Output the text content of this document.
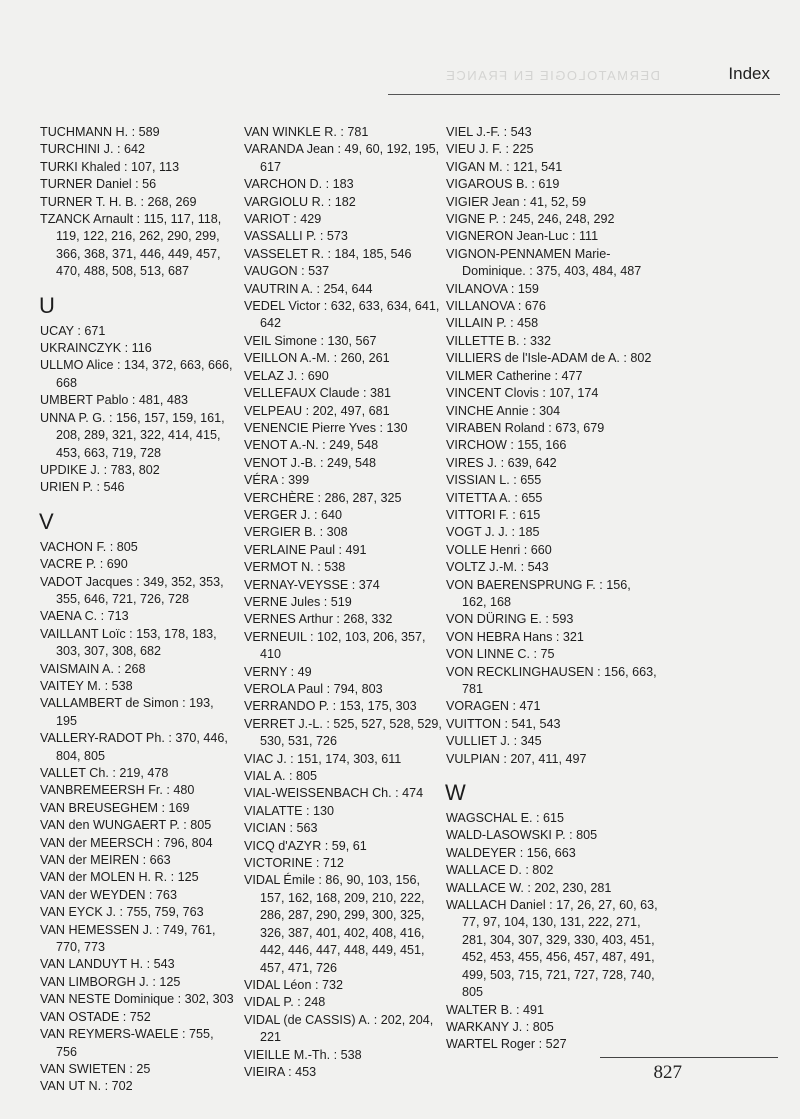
DERMATOLOGIE EN FRANCE	Index
TUCHMANN H. : 589
TURCHINI J. : 642
TURKI Khaled : 107, 113
TURNER Daniel : 56
TURNER T. H. B. : 268, 269
TZANCK Arnault : 115, 117, 118, 119, 122, 216, 262, 290, 299, 366, 368, 371, 446, 449, 457, 470, 488, 508, 513, 687
U
UCAY : 671
UKRAINCZYK : 116
ULLMO Alice : 134, 372, 663, 666, 668
UMBERT Pablo : 481, 483
UNNA P. G. : 156, 157, 159, 161, 208, 289, 321, 322, 414, 415, 453, 663, 719, 728
UPDIKE J. : 783, 802
URIEN P. : 546
V
VACHON F. : 805
VACRE P. : 690
VADOT Jacques : 349, 352, 353, 355, 646, 721, 726, 728
VAENA C. : 713
VAILLANT Loïc : 153, 178, 183, 303, 307, 308, 682
VAISMAIN A. : 268
VAITEY M. : 538
VALLAMBERT de Simon : 193, 195
VALLERY-RADOT Ph. : 370, 446, 804, 805
VALLET Ch. : 219, 478
VANBREMEERSH Fr. : 480
VAN BREUSEGHEM : 169
VAN den WUNGAERT P. : 805
VAN der MEERSCH : 796, 804
VAN der MEIREN : 663
VAN der MOLEN H. R. : 125
VAN der WEYDEN : 763
VAN EYCK J. : 755, 759, 763
VAN HEMESSEN J. : 749, 761, 770, 773
VAN LANDUYT H. : 543
VAN LIMBORGH J. : 125
VAN NESTE Dominique : 302, 303
VAN OSTADE : 752
VAN REYMERS-WAELE : 755, 756
VAN SWIETEN : 25
VAN UT N. : 702
VAN WINKLE R. : 781
VARANDA Jean : 49, 60, 192, 195, 617
VARCHON D. : 183
VARGIOLU R. : 182
VARIOT : 429
VASSALLI P. : 573
VASSELET R. : 184, 185, 546
VAUGON : 537
VAUTRIN A. : 254, 644
VEDEL Victor : 632, 633, 634, 641, 642
VEIL Simone : 130, 567
VEILLON A.-M. : 260, 261
VELAZ J. : 690
VELLEFAUX Claude : 381
VELPEAU : 202, 497, 681
VENENCIE Pierre Yves : 130
VENOT A.-N. : 249, 548
VENOT J.-B. : 249, 548
VÉRA : 399
VERCHÈRE : 286, 287, 325
VERGER J. : 640
VERGIER B. : 308
VERLAINE Paul : 491
VERMOT N. : 538
VERNAY-VEYSSE : 374
VERNE Jules : 519
VERNES Arthur : 268, 332
VERNEUIL : 102, 103, 206, 357, 410
VERNY : 49
VEROLA Paul : 794, 803
VERRANDO P. : 153, 175, 303
VERRET J.-L. : 525, 527, 528, 529, 530, 531, 726
VIAC J. : 151, 174, 303, 611
VIAL A. : 805
VIAL-WEISSENBACH Ch. : 474
VIALATTE : 130
VICIAN : 563
VICQ d'AZYR : 59, 61
VICTORINE : 712
VIDAL Émile : 86, 90, 103, 156, 157, 162, 168, 209, 210, 222, 286, 287, 290, 299, 300, 325, 326, 387, 401, 402, 408, 416, 442, 446, 447, 448, 449, 451, 457, 471, 726
VIDAL Léon : 732
VIDAL P. : 248
VIDAL (de CASSIS) A. : 202, 204, 221
VIEILLE M.-Th. : 538
VIEIRA : 453
VIEL J.-F. : 543
VIEU J. F. : 225
VIGAN M. : 121, 541
VIGAROUS B. : 619
VIGIER Jean : 41, 52, 59
VIGNE P. : 245, 246, 248, 292
VIGNERON Jean-Luc : 111
VIGNON-PENNAMEN Marie-Dominique. : 375, 403, 484, 487
VILANOVA : 159
VILLANOVA : 676
VILLAIN P. : 458
VILLETTE B. : 332
VILLIERS de l'Isle-ADAM de A. : 802
VILMER Catherine : 477
VINCENT Clovis : 107, 174
VINCHE Annie : 304
VIRABEN Roland : 673, 679
VIRCHOW : 155, 166
VIRES J. : 639, 642
VISSIAN L. : 655
VITETTA A. : 655
VITTORI F. : 615
VOGT J. J. : 185
VOLLE Henri : 660
VOLTZ J.-M. : 543
VON BAERENSPRUNG F. : 156, 162, 168
VON DÜRING E. : 593
VON HEBRA Hans : 321
VON LINNE C. : 75
VON RECKLINGHAUSEN : 156, 663, 781
VORAGEN : 471
VUITTON : 541, 543
VULLIET J. : 345
VULPIAN : 207, 411, 497
W
WAGSCHAL E. : 615
WALD-LASOWSKI P. : 805
WALDEYER : 156, 663
WALLACE D. : 802
WALLACE W. : 202, 230, 281
WALLACH Daniel : 17, 26, 27, 60, 63, 77, 97, 104, 130, 131, 222, 271, 281, 304, 307, 329, 330, 403, 451, 452, 453, 455, 456, 457, 487, 491, 499, 503, 715, 721, 727, 728, 740, 805
WALTER B. : 491
WARKANY J. : 805
WARTEL Roger : 527
827
